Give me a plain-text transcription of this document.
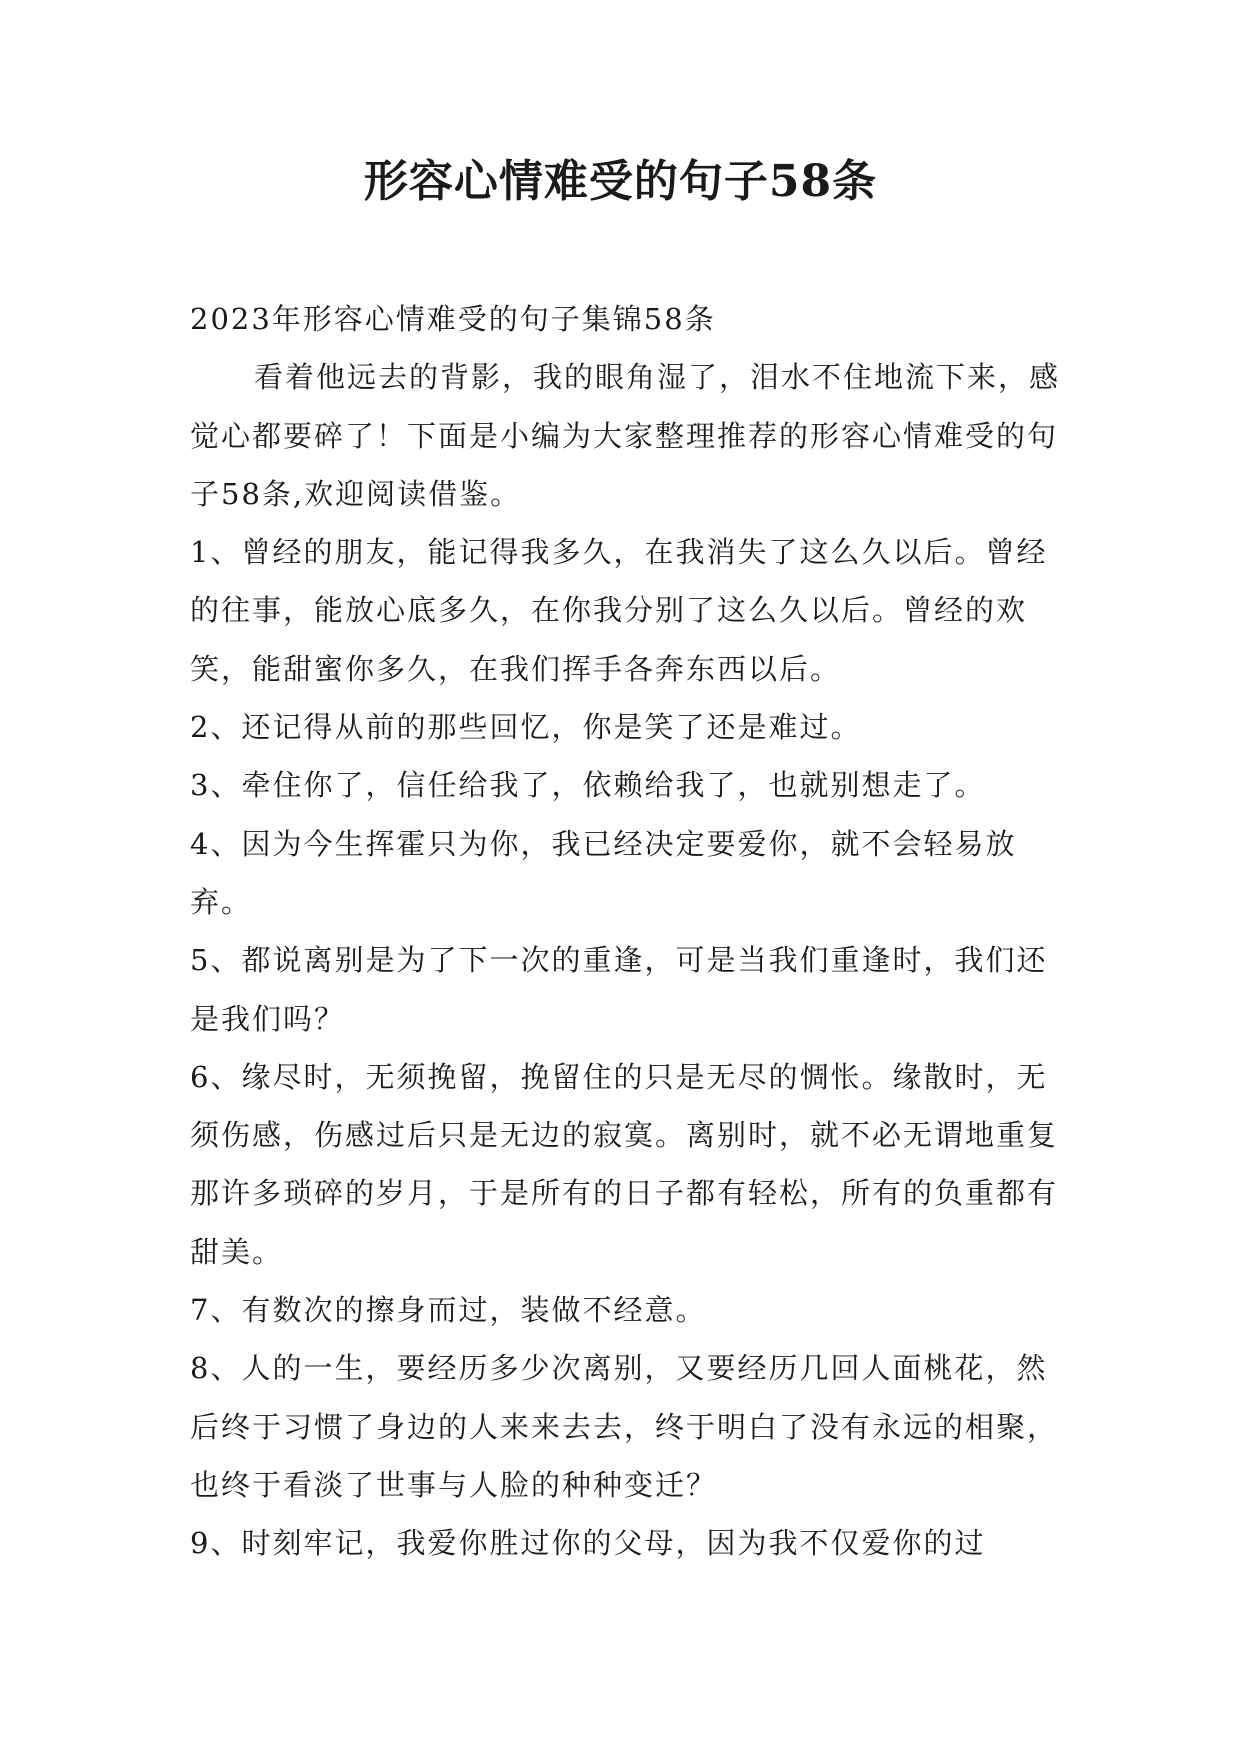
形容心情难受的句子58条

2023年形容心情难受的句子集锦58条

看着他远去的背影，我的眼角湿了，泪水不住地流下来，感觉心都要碎了！下面是小编为大家整理推荐的形容心情难受的句子58条,欢迎阅读借鉴。

1、曾经的朋友，能记得我多久，在我消失了这么久以后。曾经的往事，能放心底多久，在你我分别了这么久以后。曾经的欢笑，能甜蜜你多久，在我们挥手各奔东西以后。

2、还记得从前的那些回忆，你是笑了还是难过。

3、牵住你了，信任给我了，依赖给我了，也就别想走了。

4、因为今生挥霍只为你，我已经决定要爱你，就不会轻易放弃。

5、都说离别是为了下一次的重逢，可是当我们重逢时，我们还是我们吗？

6、缘尽时，无须挽留，挽留住的只是无尽的惆怅。缘散时，无须伤感，伤感过后只是无边的寂寞。离别时，就不必无谓地重复那许多琐碎的岁月，于是所有的日子都有轻松，所有的负重都有甜美。

7、有数次的擦身而过，装做不经意。

8、人的一生，要经历多少次离别，又要经历几回人面桃花，然后终于习惯了身边的人来来去去，终于明白了没有永远的相聚，也终于看淡了世事与人脸的种种变迁？

9、时刻牢记，我爱你胜过你的父母，因为我不仅爱你的过
